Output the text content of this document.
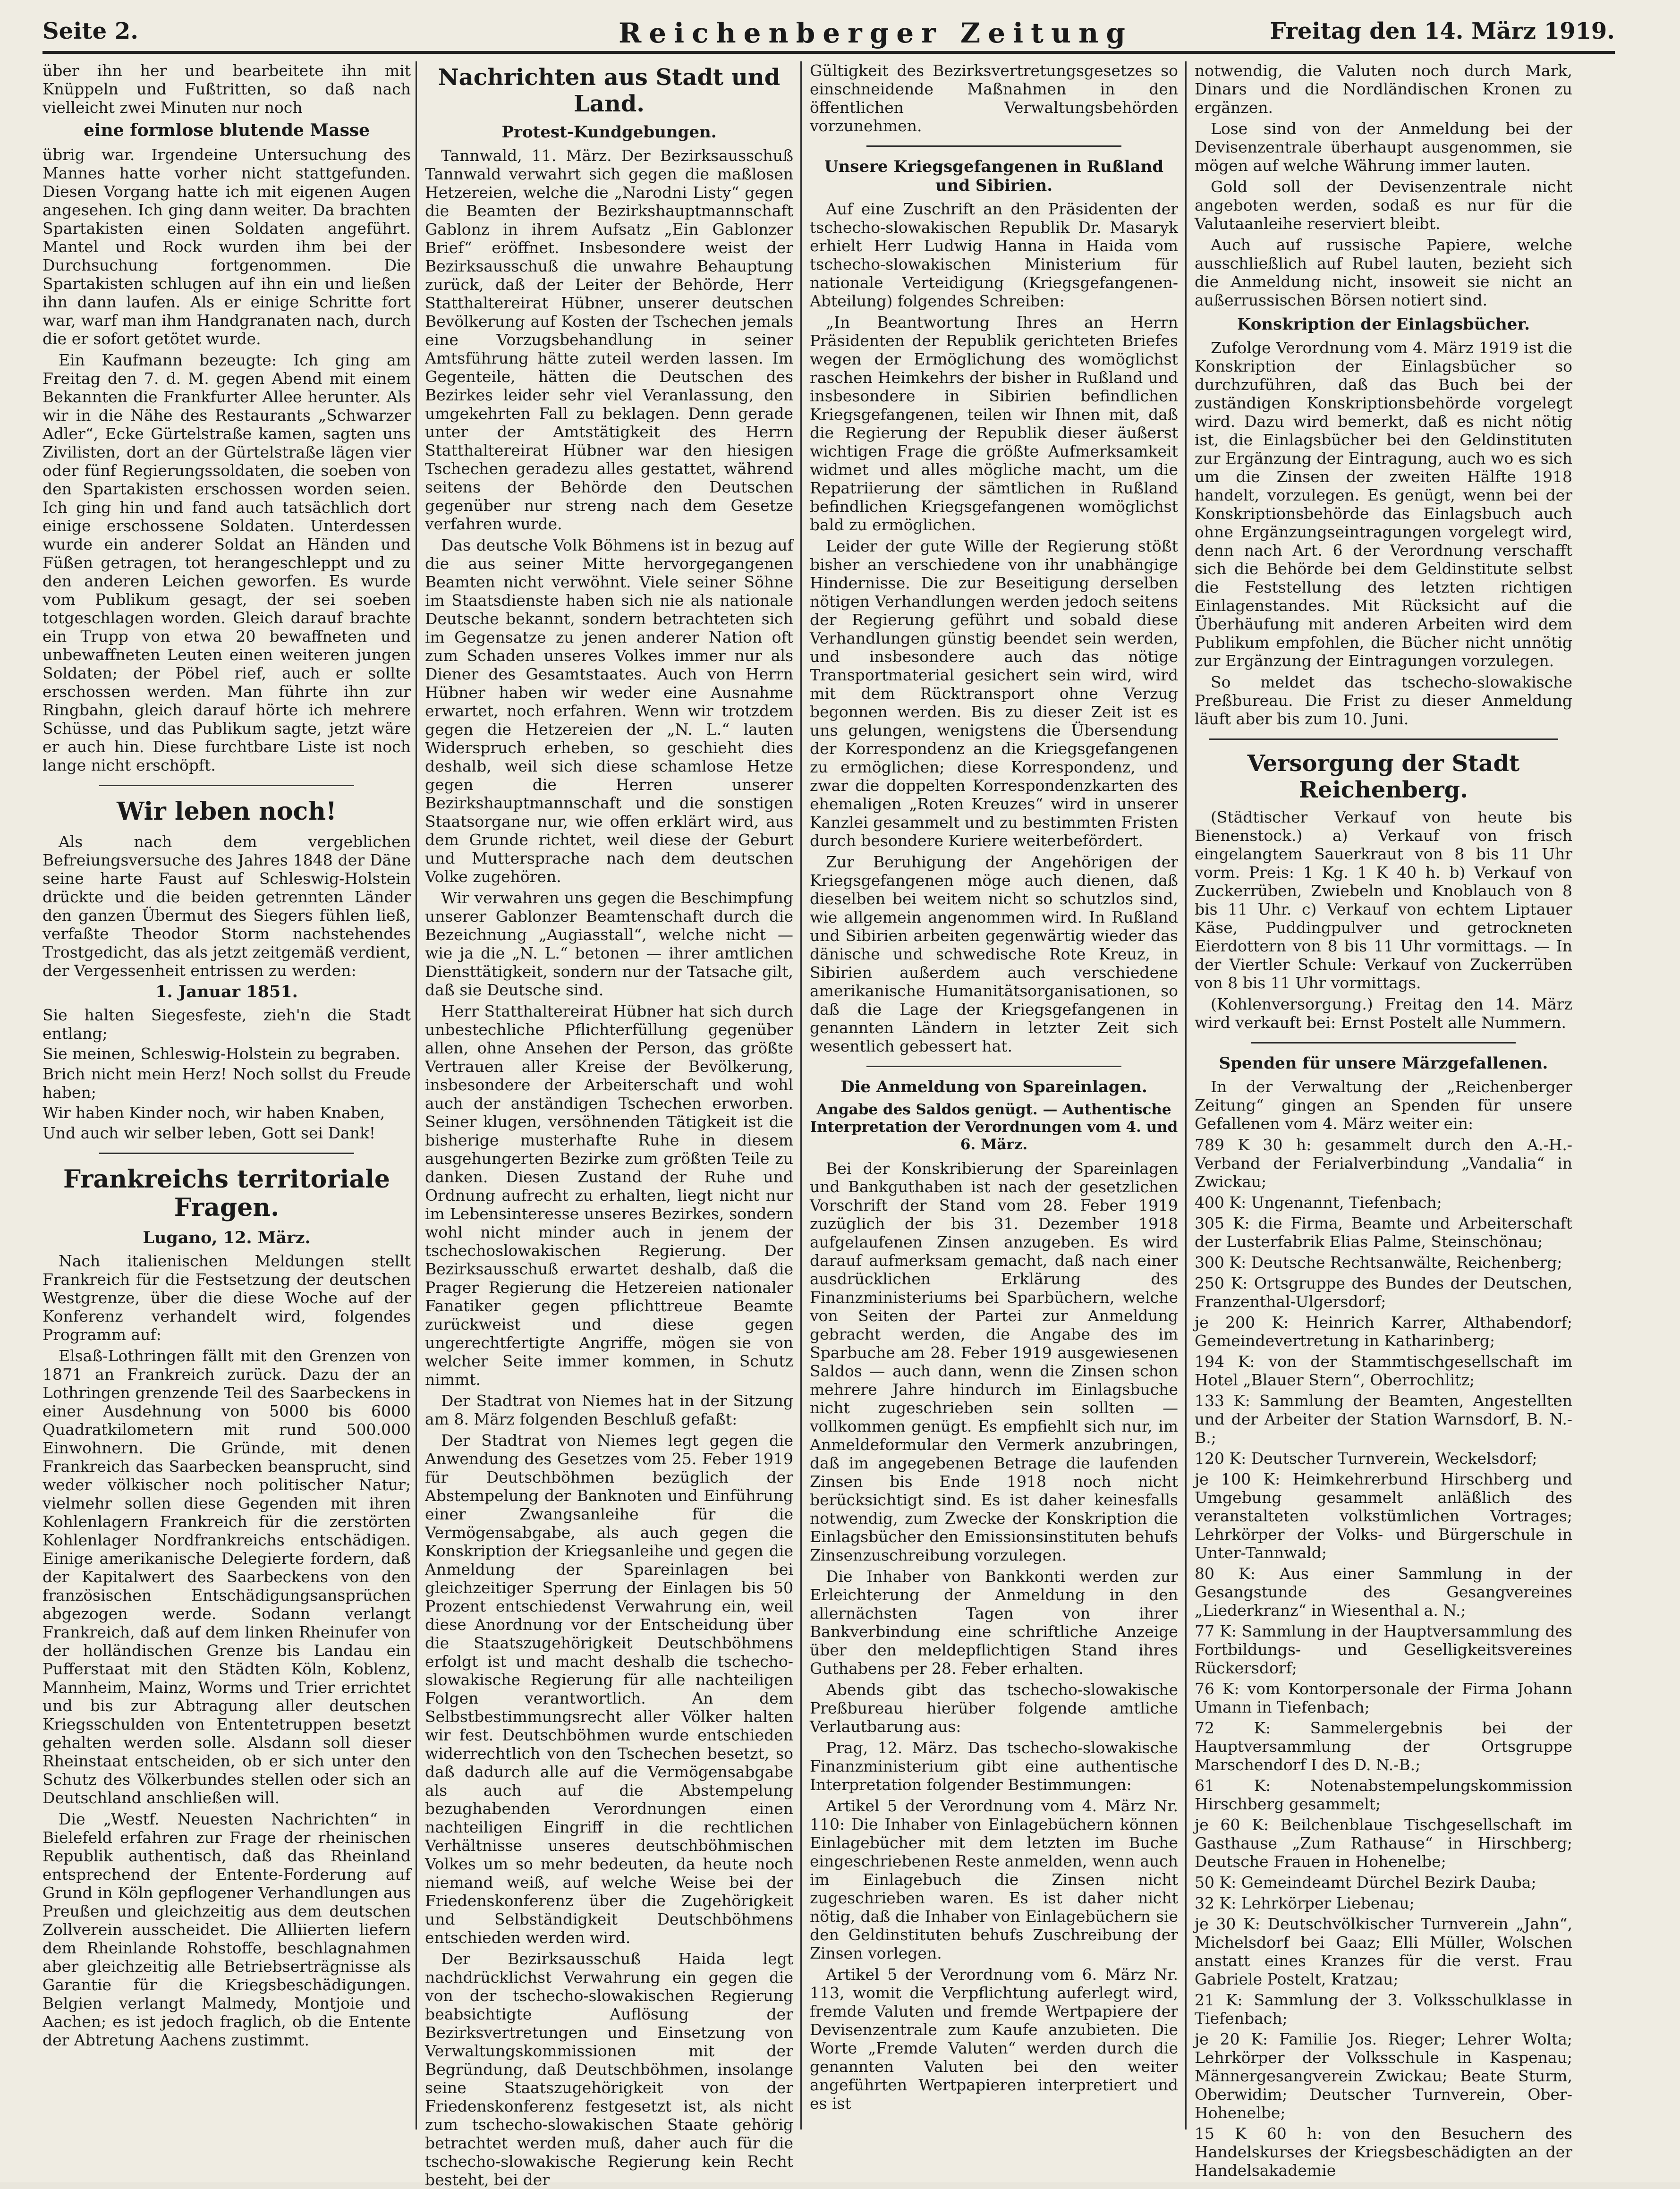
Seite 2.	Reichenberger Zeitung	Freitag den 14. März 1919.

über ihn her und bearbeitete ihn mit Knüppeln und Fußtritten, so daß nach vielleicht zwei Minuten nur noch

eine formlose blutende Masse

übrig war. Irgendeine Untersuchung des Mannes hatte vorher nicht stattgefunden. Diesen Vorgang hatte ich mit eigenen Augen angesehen. Ich ging dann weiter. Da brachten Spartakisten einen Soldaten angeführt. Mantel und Rock wurden ihm bei der Durchsuchung fortgenommen. Die Spartakisten schlugen auf ihn ein und ließen ihn dann laufen. Als er einige Schritte fort war, warf man ihm Handgranaten nach, durch die er sofort getötet wurde.

Ein Kaufmann bezeugte: Ich ging am Freitag den 7. d. M. gegen Abend mit einem Bekannten die Frankfurter Allee herunter. Als wir in die Nähe des Restaurants „Schwarzer Adler“, Ecke Gürtelstraße kamen, sagten uns Zivilisten, dort an der Gürtelstraße lägen vier oder fünf Regierungssoldaten, die soeben von den Spartakisten erschossen worden seien. Ich ging hin und fand auch tatsächlich dort einige erschossene Soldaten. Unterdessen wurde ein anderer Soldat an Händen und Füßen getragen, tot herangeschleppt und zu den anderen Leichen geworfen. Es wurde vom Publikum gesagt, der sei soeben totgeschlagen worden. Gleich darauf brachte ein Trupp von etwa 20 bewaffneten und unbewaffneten Leuten einen weiteren jungen Soldaten; der Pöbel rief, auch er sollte erschossen werden. Man führte ihn zur Ringbahn, gleich darauf hörte ich mehrere Schüsse, und das Publikum sagte, jetzt wäre er auch hin. Diese furchtbare Liste ist noch lange nicht erschöpft.

Wir leben noch!

Als nach dem vergeblichen Befreiungsversuche des Jahres 1848 der Däne seine harte Faust auf Schleswig-Holstein drückte und die beiden getrennten Länder den ganzen Übermut des Siegers fühlen ließ, verfaßte Theodor Storm nachstehendes Trostgedicht, das als jetzt zeitgemäß verdient, der Vergessenheit entrissen zu werden:

1. Januar 1851.

Sie halten Siegesfeste, zieh'n die Stadt entlang;

Sie meinen, Schleswig-Holstein zu begraben.

Brich nicht mein Herz! Noch sollst du Freude haben;

Wir haben Kinder noch, wir haben Knaben,

Und auch wir selber leben, Gott sei Dank!

Frankreichs territoriale Fragen.

Lugano, 12. März.

Nach italienischen Meldungen stellt Frankreich für die Festsetzung der deutschen Westgrenze, über die diese Woche auf der Konferenz verhandelt wird, folgendes Programm auf:

Elsaß-Lothringen fällt mit den Grenzen von 1871 an Frankreich zurück. Dazu der an Lothringen grenzende Teil des Saarbeckens in einer Ausdehnung von 5000 bis 6000 Quadratkilometern mit rund 500.000 Einwohnern. Die Gründe, mit denen Frankreich das Saarbecken beansprucht, sind weder völkischer noch politischer Natur; vielmehr sollen diese Gegenden mit ihren Kohlenlagern Frankreich für die zerstörten Kohlenlager Nordfrankreichs entschädigen. Einige amerikanische Delegierte fordern, daß der Kapitalwert des Saarbeckens von den französischen Entschädigungsansprüchen abgezogen werde. Sodann verlangt Frankreich, daß auf dem linken Rheinufer von der holländischen Grenze bis Landau ein Pufferstaat mit den Städten Köln, Koblenz, Mannheim, Mainz, Worms und Trier errichtet und bis zur Abtragung aller deutschen Kriegsschulden von Ententetruppen besetzt gehalten werden solle. Alsdann soll dieser Rheinstaat entscheiden, ob er sich unter den Schutz des Völkerbundes stellen oder sich an Deutschland anschließen will.

Die „Westf. Neuesten Nachrichten“ in Bielefeld erfahren zur Frage der rheinischen Republik authentisch, daß das Rheinland entsprechend der Entente-Forderung auf Grund in Köln gepflogener Verhandlungen aus Preußen und gleichzeitig aus dem deutschen Zollverein ausscheidet. Die Alliierten liefern dem Rheinlande Rohstoffe, beschlagnahmen aber gleichzeitig alle Betriebserträgnisse als Garantie für die Kriegsbeschädigungen. Belgien verlangt Malmedy, Montjoie und Aachen; es ist jedoch fraglich, ob die Entente der Abtretung Aachens zustimmt.

Nachrichten aus Stadt und Land.

Protest-Kundgebungen.

Tannwald, 11. März. Der Bezirksausschuß Tannwald verwahrt sich gegen die maßlosen Hetzereien, welche die „Narodni Listy“ gegen die Beamten der Bezirkshauptmannschaft Gablonz in ihrem Aufsatz „Ein Gablonzer Brief“ eröffnet. Insbesondere weist der Bezirksausschuß die unwahre Behauptung zurück, daß der Leiter der Behörde, Herr Statthaltereirat Hübner, unserer deutschen Bevölkerung auf Kosten der Tschechen jemals eine Vorzugsbehandlung in seiner Amtsführung hätte zuteil werden lassen. Im Gegenteile, hätten die Deutschen des Bezirkes leider sehr viel Veranlassung, den umgekehrten Fall zu beklagen. Denn gerade unter der Amtstätigkeit des Herrn Statthaltereirat Hübner war den hiesigen Tschechen geradezu alles gestattet, während seitens der Behörde den Deutschen gegenüber nur streng nach dem Gesetze verfahren wurde.

Das deutsche Volk Böhmens ist in bezug auf die aus seiner Mitte hervorgegangenen Beamten nicht verwöhnt. Viele seiner Söhne im Staatsdienste haben sich nie als nationale Deutsche bekannt, sondern betrachteten sich im Gegensatze zu jenen anderer Nation oft zum Schaden unseres Volkes immer nur als Diener des Gesamtstaates. Auch von Herrn Hübner haben wir weder eine Ausnahme erwartet, noch erfahren. Wenn wir trotzdem gegen die Hetzereien der „N. L.“ lauten Widerspruch erheben, so geschieht dies deshalb, weil sich diese schamlose Hetze gegen die Herren unserer Bezirkshauptmannschaft und die sonstigen Staatsorgane nur, wie offen erklärt wird, aus dem Grunde richtet, weil diese der Geburt und Muttersprache nach dem deutschen Volke zugehören.

Wir verwahren uns gegen die Beschimpfung unserer Gablonzer Beamtenschaft durch die Bezeichnung „Augiasstall“, welche nicht — wie ja die „N. L.“ betonen — ihrer amtlichen Diensttätigkeit, sondern nur der Tatsache gilt, daß sie Deutsche sind.

Herr Statthaltereirat Hübner hat sich durch unbestechliche Pflichterfüllung gegenüber allen, ohne Ansehen der Person, das größte Vertrauen aller Kreise der Bevölkerung, insbesondere der Arbeiterschaft und wohl auch der anständigen Tschechen erworben. Seiner klugen, versöhnenden Tätigkeit ist die bisherige musterhafte Ruhe in diesem ausgehungerten Bezirke zum größten Teile zu danken. Diesen Zustand der Ruhe und Ordnung aufrecht zu erhalten, liegt nicht nur im Lebensinteresse unseres Bezirkes, sondern wohl nicht minder auch in jenem der tschechoslowakischen Regierung. Der Bezirksausschuß erwartet deshalb, daß die Prager Regierung die Hetzereien nationaler Fanatiker gegen pflichttreue Beamte zurückweist und diese gegen ungerechtfertigte Angriffe, mögen sie von welcher Seite immer kommen, in Schutz nimmt.

Der Stadtrat von Niemes hat in der Sitzung am 8. März folgenden Beschluß gefaßt:

Der Stadtrat von Niemes legt gegen die Anwendung des Gesetzes vom 25. Feber 1919 für Deutschböhmen bezüglich der Abstempelung der Banknoten und Einführung einer Zwangsanleihe für die Vermögensabgabe, als auch gegen die Konskription der Kriegsanleihe und gegen die Anmeldung der Spareinlagen bei gleichzeitiger Sperrung der Einlagen bis 50 Prozent entschiedenst Verwahrung ein, weil diese Anordnung vor der Entscheidung über die Staatszugehörigkeit Deutschböhmens erfolgt ist und macht deshalb die tschecho-slowakische Regierung für alle nachteiligen Folgen verantwortlich. An dem Selbstbestimmungsrecht aller Völker halten wir fest. Deutschböhmen wurde entschieden widerrechtlich von den Tschechen besetzt, so daß dadurch alle auf die Vermögensabgabe als auch auf die Abstempelung bezughabenden Verordnungen einen nachteiligen Eingriff in die rechtlichen Verhältnisse unseres deutschböhmischen Volkes um so mehr bedeuten, da heute noch niemand weiß, auf welche Weise bei der Friedenskonferenz über die Zugehörigkeit und Selbständigkeit Deutschböhmens entschieden werden wird.

Der Bezirksausschuß Haida legt nachdrücklichst Verwahrung ein gegen die von der tschecho-slowakischen Regierung beabsichtigte Auflösung der Bezirksvertretungen und Einsetzung von Verwaltungskommissionen mit der Begründung, daß Deutschböhmen, insolange seine Staatszugehörigkeit von der Friedenskonferenz festgesetzt ist, als nicht zum tschecho-slowakischen Staate gehörig betrachtet werden muß, daher auch für die tschecho-slowakische Regierung kein Recht besteht, bei der

Gültigkeit des Bezirksvertretungsgesetzes so einschneidende Maßnahmen in den öffentlichen Verwaltungsbehörden vorzunehmen.

Unsere Kriegsgefangenen in Rußland und Sibirien.

Auf eine Zuschrift an den Präsidenten der tschecho-slowakischen Republik Dr. Masaryk erhielt Herr Ludwig Hanna in Haida vom tschecho-slowakischen Ministerium für nationale Verteidigung (Kriegsgefangenen-Abteilung) folgendes Schreiben:

„In Beantwortung Ihres an Herrn Präsidenten der Republik gerichteten Briefes wegen der Ermöglichung des womöglichst raschen Heimkehrs der bisher in Rußland und insbesondere in Sibirien befindlichen Kriegsgefangenen, teilen wir Ihnen mit, daß die Regierung der Republik dieser äußerst wichtigen Frage die größte Aufmerksamkeit widmet und alles mögliche macht, um die Repatriierung der sämtlichen in Rußland befindlichen Kriegsgefangenen womöglichst bald zu ermöglichen.

Leider der gute Wille der Regierung stößt bisher an verschiedene von ihr unabhängige Hindernisse. Die zur Beseitigung derselben nötigen Verhandlungen werden jedoch seitens der Regierung geführt und sobald diese Verhandlungen günstig beendet sein werden, und insbesondere auch das nötige Transportmaterial gesichert sein wird, wird mit dem Rücktransport ohne Verzug begonnen werden. Bis zu dieser Zeit ist es uns gelungen, wenigstens die Übersendung der Korrespondenz an die Kriegsgefangenen zu ermöglichen; diese Korrespondenz, und zwar die doppelten Korrespondenzkarten des ehemaligen „Roten Kreuzes“ wird in unserer Kanzlei gesammelt und zu bestimmten Fristen durch besondere Kuriere weiterbefördert.

Zur Beruhigung der Angehörigen der Kriegsgefangenen möge auch dienen, daß dieselben bei weitem nicht so schutzlos sind, wie allgemein angenommen wird. In Rußland und Sibirien arbeiten gegenwärtig wieder das dänische und schwedische Rote Kreuz, in Sibirien außerdem auch verschiedene amerikanische Humanitätsorganisationen, so daß die Lage der Kriegsgefangenen in genannten Ländern in letzter Zeit sich wesentlich gebessert hat.

Die Anmeldung von Spareinlagen.

Angabe des Saldos genügt. — Authentische Interpretation der Verordnungen vom 4. und 6. März.

Bei der Konskribierung der Spareinlagen und Bankguthaben ist nach der gesetzlichen Vorschrift der Stand vom 28. Feber 1919 zuzüglich der bis 31. Dezember 1918 aufgelaufenen Zinsen anzugeben. Es wird darauf aufmerksam gemacht, daß nach einer ausdrücklichen Erklärung des Finanzministeriums bei Sparbüchern, welche von Seiten der Partei zur Anmeldung gebracht werden, die Angabe des im Sparbuche am 28. Feber 1919 ausgewiesenen Saldos — auch dann, wenn die Zinsen schon mehrere Jahre hindurch im Einlagsbuche nicht zugeschrieben sein sollten — vollkommen genügt. Es empfiehlt sich nur, im Anmeldeformular den Vermerk anzubringen, daß im angegebenen Betrage die laufenden Zinsen bis Ende 1918 noch nicht berücksichtigt sind. Es ist daher keinesfalls notwendig, zum Zwecke der Konskription die Einlagsbücher den Emissionsinstituten behufs Zinsenzuschreibung vorzulegen.

Die Inhaber von Bankkonti werden zur Erleichterung der Anmeldung in den allernächsten Tagen von ihrer Bankverbindung eine schriftliche Anzeige über den meldepflichtigen Stand ihres Guthabens per 28. Feber erhalten.

Abends gibt das tschecho-slowakische Preßbureau hierüber folgende amtliche Verlautbarung aus:

Prag, 12. März. Das tschecho-slowakische Finanzministerium gibt eine authentische Interpretation folgender Bestimmungen:

Artikel 5 der Verordnung vom 4. März Nr. 110: Die Inhaber von Einlagebüchern können Einlagebücher mit dem letzten im Buche eingeschriebenen Reste anmelden, wenn auch im Einlagebuch die Zinsen nicht zugeschrieben waren. Es ist daher nicht nötig, daß die Inhaber von Einlagebüchern sie den Geldinstituten behufs Zuschreibung der Zinsen vorlegen.

Artikel 5 der Verordnung vom 6. März Nr. 113, womit die Verpflichtung auferlegt wird, fremde Valuten und fremde Wertpapiere der Devisenzentrale zum Kaufe anzubieten. Die Worte „Fremde Valuten“ werden durch die genannten Valuten bei den weiter angeführten Wertpapieren interpretiert und es ist

notwendig, die Valuten noch durch Mark, Dinars und die Nordländischen Kronen zu ergänzen.

Lose sind von der Anmeldung bei der Devisenzentrale überhaupt ausgenommen, sie mögen auf welche Währung immer lauten.

Gold soll der Devisenzentrale nicht angeboten werden, sodaß es nur für die Valutaanleihe reserviert bleibt.

Auch auf russische Papiere, welche ausschließlich auf Rubel lauten, bezieht sich die Anmeldung nicht, insoweit sie nicht an außerrussischen Börsen notiert sind.

Konskription der Einlagsbücher.

Zufolge Verordnung vom 4. März 1919 ist die Konskription der Einlagsbücher so durchzuführen, daß das Buch bei der zuständigen Konskriptionsbehörde vorgelegt wird. Dazu wird bemerkt, daß es nicht nötig ist, die Einlagsbücher bei den Geldinstituten zur Ergänzung der Eintragung, auch wo es sich um die Zinsen der zweiten Hälfte 1918 handelt, vorzulegen. Es genügt, wenn bei der Konskriptionsbehörde das Einlagsbuch auch ohne Ergänzungseintragungen vorgelegt wird, denn nach Art. 6 der Verordnung verschafft sich die Behörde bei dem Geldinstitute selbst die Feststellung des letzten richtigen Einlagenstandes. Mit Rücksicht auf die Überhäufung mit anderen Arbeiten wird dem Publikum empfohlen, die Bücher nicht unnötig zur Ergänzung der Eintragungen vorzulegen.

So meldet das tschecho-slowakische Preßbureau. Die Frist zu dieser Anmeldung läuft aber bis zum 10. Juni.

Versorgung der Stadt Reichenberg.

(Städtischer Verkauf von heute bis Bienenstock.) a) Verkauf von frisch eingelangtem Sauerkraut von 8 bis 11 Uhr vorm. Preis: 1 Kg. 1 K 40 h. b) Verkauf von Zuckerrüben, Zwiebeln und Knoblauch von 8 bis 11 Uhr. c) Verkauf von echtem Liptauer Käse, Puddingpulver und getrockneten Eierdottern von 8 bis 11 Uhr vormittags. — In der Viertler Schule: Verkauf von Zuckerrüben von 8 bis 11 Uhr vormittags.

(Kohlenversorgung.) Freitag den 14. März wird verkauft bei: Ernst Postelt alle Nummern.

Spenden für unsere Märzgefallenen.

In der Verwaltung der „Reichenberger Zeitung“ gingen an Spenden für unsere Gefallenen vom 4. März weiter ein:

789 K 30 h: gesammelt durch den A.-H.-Verband der Ferialverbindung „Vandalia“ in Zwickau;

400 K: Ungenannt, Tiefenbach;

305 K: die Firma, Beamte und Arbeiterschaft der Lusterfabrik Elias Palme, Steinschönau;

300 K: Deutsche Rechtsanwälte, Reichenberg;

250 K: Ortsgruppe des Bundes der Deutschen, Franzenthal-Ulgersdorf;

je 200 K: Heinrich Karrer, Althabendorf; Gemeindevertretung in Katharinberg;

194 K: von der Stammtischgesellschaft im Hotel „Blauer Stern“, Oberrochlitz;

133 K: Sammlung der Beamten, Angestellten und der Arbeiter der Station Warnsdorf, B. N.-B.;

120 K: Deutscher Turnverein, Weckelsdorf;

je 100 K: Heimkehrerbund Hirschberg und Umgebung gesammelt anläßlich des veranstalteten volkstümlichen Vortrages; Lehrkörper der Volks- und Bürgerschule in Unter-Tannwald;

80 K: Aus einer Sammlung in der Gesangstunde des Gesangvereines „Liederkranz“ in Wiesenthal a. N.;

77 K: Sammlung in der Hauptversammlung des Fortbildungs- und Geselligkeitsvereines Rückersdorf;

76 K: vom Kontorpersonale der Firma Johann Umann in Tiefenbach;

72 K: Sammelergebnis bei der Hauptversammlung der Ortsgruppe Marschendorf I des D. N.-B.;

61 K: Notenabstempelungskommission Hirschberg gesammelt;

je 60 K: Beilchenblaue Tischgesellschaft im Gasthause „Zum Rathause“ in Hirschberg; Deutsche Frauen in Hohenelbe;

50 K: Gemeindeamt Dürchel Bezirk Dauba;

32 K: Lehrkörper Liebenau;

je 30 K: Deutschvölkischer Turnverein „Jahn“, Michelsdorf bei Gaaz; Elli Müller, Wolschen anstatt eines Kranzes für die verst. Frau Gabriele Postelt, Kratzau;

21 K: Sammlung der 3. Volksschulklasse in Tiefenbach;

je 20 K: Familie Jos. Rieger; Lehrer Wolta; Lehrkörper der Volksschule in Kaspenau; Männergesangverein Zwickau; Beate Sturm, Oberwidim; Deutscher Turnverein, Ober-Hohenelbe;

15 K 60 h: von den Besuchern des Handelskurses der Kriegsbeschädigten an der Handelsakademie
